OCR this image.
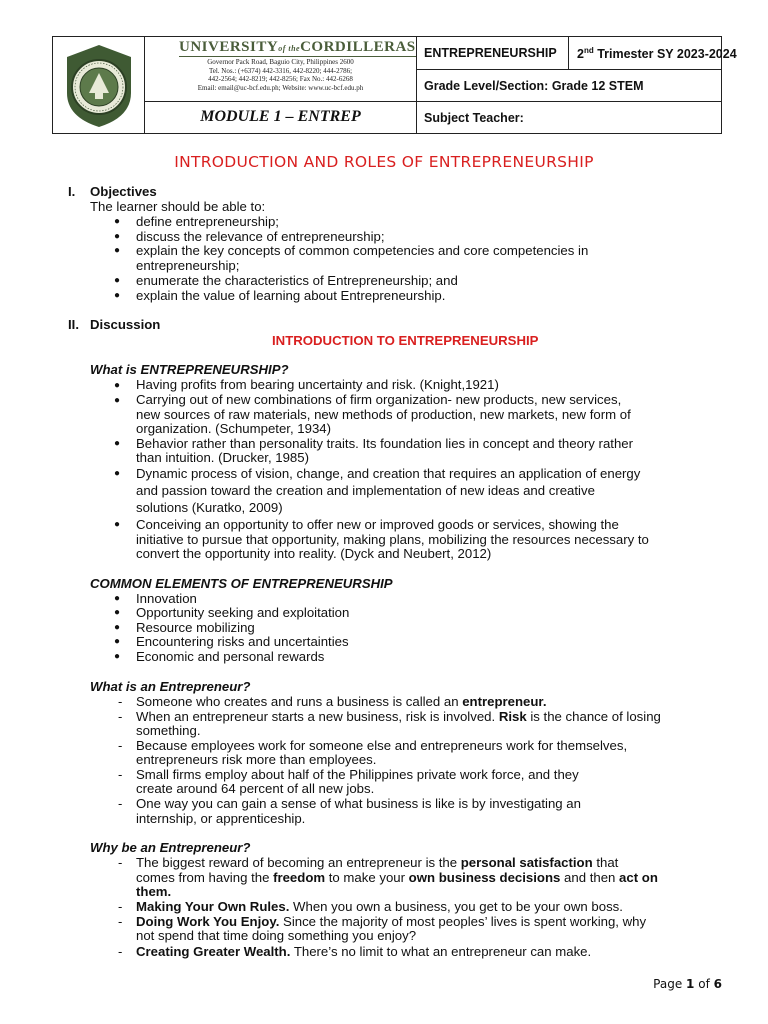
UNIVERSITYof theCORDILLERAS
Governor Pack Road, Baguio City, Philippines 2600
Tel. Nos.: (+6374) 442-3316, 442-8220; 444-2786;
442-2564; 442-8219; 442-8256; Fax No.: 442-6268
Email: email@uc-bcf.edu.ph; Website: www.uc-bcf.edu.ph
MODULE 1 – ENTREP
ENTREPRENEURSHIP 2nd Trimester SY 2023-2024
Grade Level/Section: Grade 12 STEM
Subject Teacher:
INTRODUCTION AND ROLES OF ENTREPRENEURSHIP
I. Objectives
The learner should be able to:
● define entrepreneurship;
● discuss the relevance of entrepreneurship;
● explain the key concepts of common competencies and core competencies in
entrepreneurship;
● enumerate the characteristics of Entrepreneurship; and
● explain the value of learning about Entrepreneurship.
II. Discussion
INTRODUCTION TO ENTREPRENEURSHIP
What is ENTREPRENEURSHIP?
● Having profits from bearing uncertainty and risk. (Knight,1921)
● Carrying out of new combinations of firm organization- new products, new services,
new sources of raw materials, new methods of production, new markets, new form of
organization. (Schumpeter, 1934)
● Behavior rather than personality traits. Its foundation lies in concept and theory rather
than intuition. (Drucker, 1985)
● Dynamic process of vision, change, and creation that requires an application of energy
and passion toward the creation and implementation of new ideas and creative
solutions (Kuratko, 2009)
● Conceiving an opportunity to offer new or improved goods or services, showing the
initiative to pursue that opportunity, making plans, mobilizing the resources necessary to
convert the opportunity into reality. (Dyck and Neubert, 2012)
COMMON ELEMENTS OF ENTREPRENEURSHIP
● Innovation
● Opportunity seeking and exploitation
● Resource mobilizing
● Encountering risks and uncertainties
● Economic and personal rewards
What is an Entrepreneur?
- Someone who creates and runs a business is called an entrepreneur.
- When an entrepreneur starts a new business, risk is involved. Risk is the chance of losing
something.
- Because employees work for someone else and entrepreneurs work for themselves,
entrepreneurs risk more than employees.
- Small firms employ about half of the Philippines private work force, and they
create around 64 percent of all new jobs.
- One way you can gain a sense of what business is like is by investigating an
internship, or apprenticeship.
Why be an Entrepreneur?
- The biggest reward of becoming an entrepreneur is the personal satisfaction that
comes from having the freedom to make your own business decisions and then act on
them.
- Making Your Own Rules. When you own a business, you get to be your own boss.
- Doing Work You Enjoy. Since the majority of most peoples’ lives is spent working, why
not spend that time doing something you enjoy?
- Creating Greater Wealth. There’s no limit to what an entrepreneur can make.
Page 1 of 6
